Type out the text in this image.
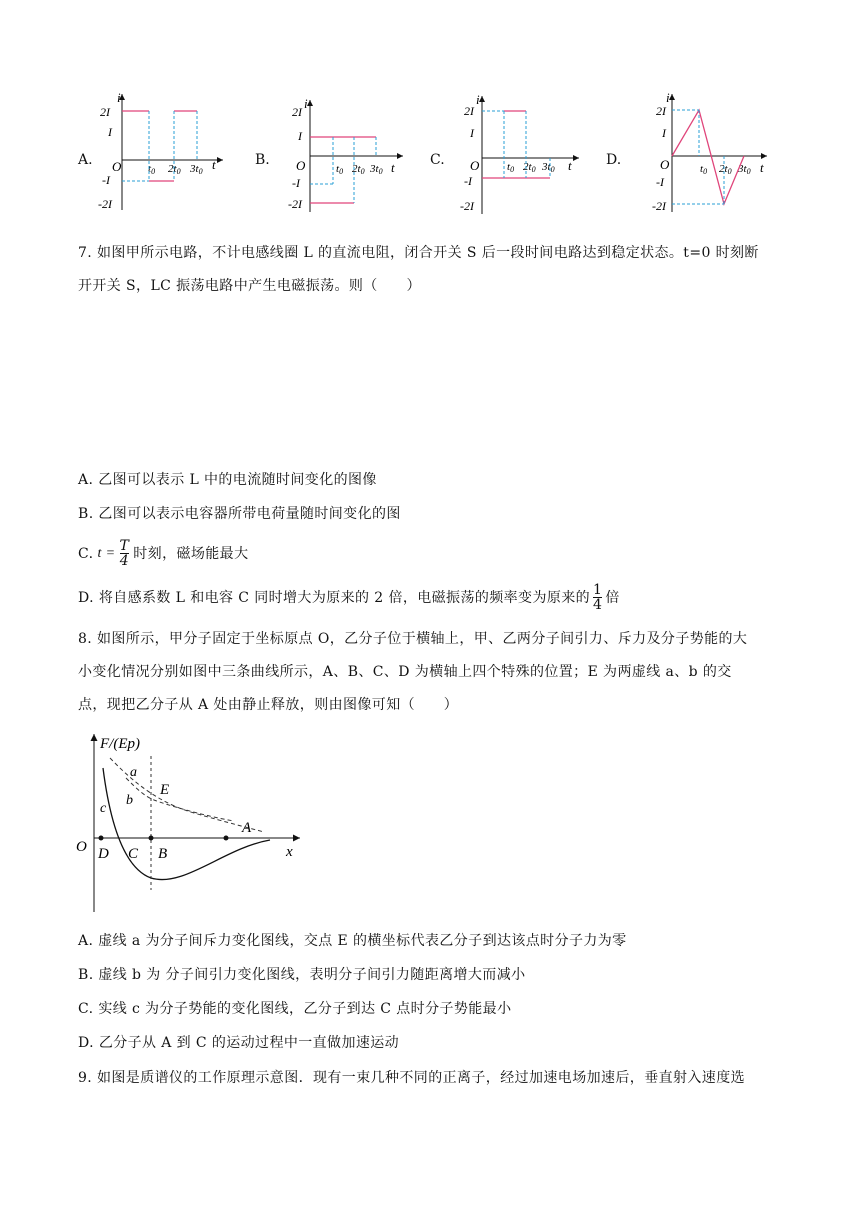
A.
i
t
O
2I
I
-I
-2I
t0 2t0 3t0
B.
i
t
O
2I
I
-I
-2I
t0 2t0 3t0
C.
i
t
O
2I
I
-I
-2I
t0 2t0 3t0
D.
i
t
O
2I
I
-I
-2I
t0 2t0 3t0
7. 如图甲所示电路，不计电感线圈 L 的直流电阻，闭合开关 S 后一段时间电路达到稳定状态。t=0 时刻断
开开关 S，LC 振荡电路中产生电磁振荡。则（　　）
A. 乙图可以表示 L 中的电流随时间变化的图像
B. 乙图可以表示电容器所带电荷量随时间变化的图
C. $t = \frac{T}{4}$ 时刻，磁场能最大
D. 将自感系数 L 和电容 C 同时增大为原来的 2 倍，电磁振荡的频率变为原来的 $\frac{1}{4}$ 倍
8. 如图所示，甲分子固定于坐标原点 O，乙分子位于横轴上，甲、乙两分子间引力、斥力及分子势能的大
小变化情况分别如图中三条曲线所示，A、B、C、D 为横轴上四个特殊的位置；E 为两虚线 a、b 的交
点，现把乙分子从 A 处由静止释放，则由图像可知（　　）
F/(Ep)
x
O
a
b
c
E
A
B
C
D
A. 虚线 a 为分子间斥力变化图线，交点 E 的横坐标代表乙分子到达该点时分子力为零
B. 虚线 b 为 分子间引力变化图线，表明分子间引力随距离增大而减小
C. 实线 c 为分子势能的变化图线，乙分子到达 C 点时分子势能最小
D. 乙分子从 A 到 C 的运动过程中一直做加速运动
9. 如图是质谱仪的工作原理示意图．现有一束几种不同的正离子，经过加速电场加速后，垂直射入速度选
